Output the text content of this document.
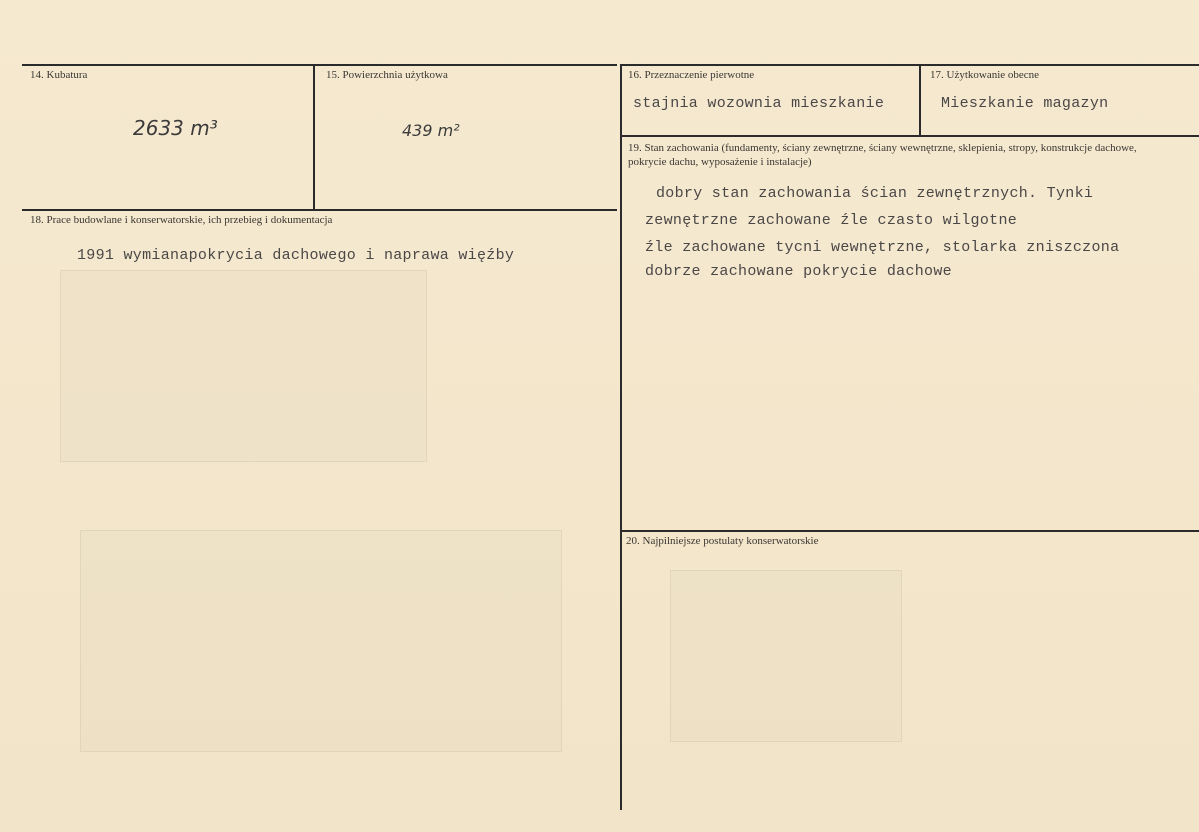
14. Kubatura
2633 m³
15. Powierzchnia użytkowa
439 m²
16. Przeznaczenie pierwotne
stajnia wozownia mieszkanie
17. Użytkowanie obecne
Mieszkanie magazyn
18. Prace budowlane i konserwatorskie, ich przebieg i dokumentacja
1991 wymianapokrycia dachowego i naprawa więźby
19. Stan zachowania (fundamenty, ściany zewnętrzne, ściany wewnętrzne, sklepienia, stropy, konstrukcje dachowe, pokrycie dachu, wyposażenie i instalacje)
dobry stan zachowania ścian zewnętrznych. Tynki
zewnętrzne zachowane źle czasto wilgotne
źle zachowane tycni wewnętrzne, stolarka zniszczona
dobrze zachowane pokrycie dachowe
20. Najpilniejsze postulaty konserwatorskie
